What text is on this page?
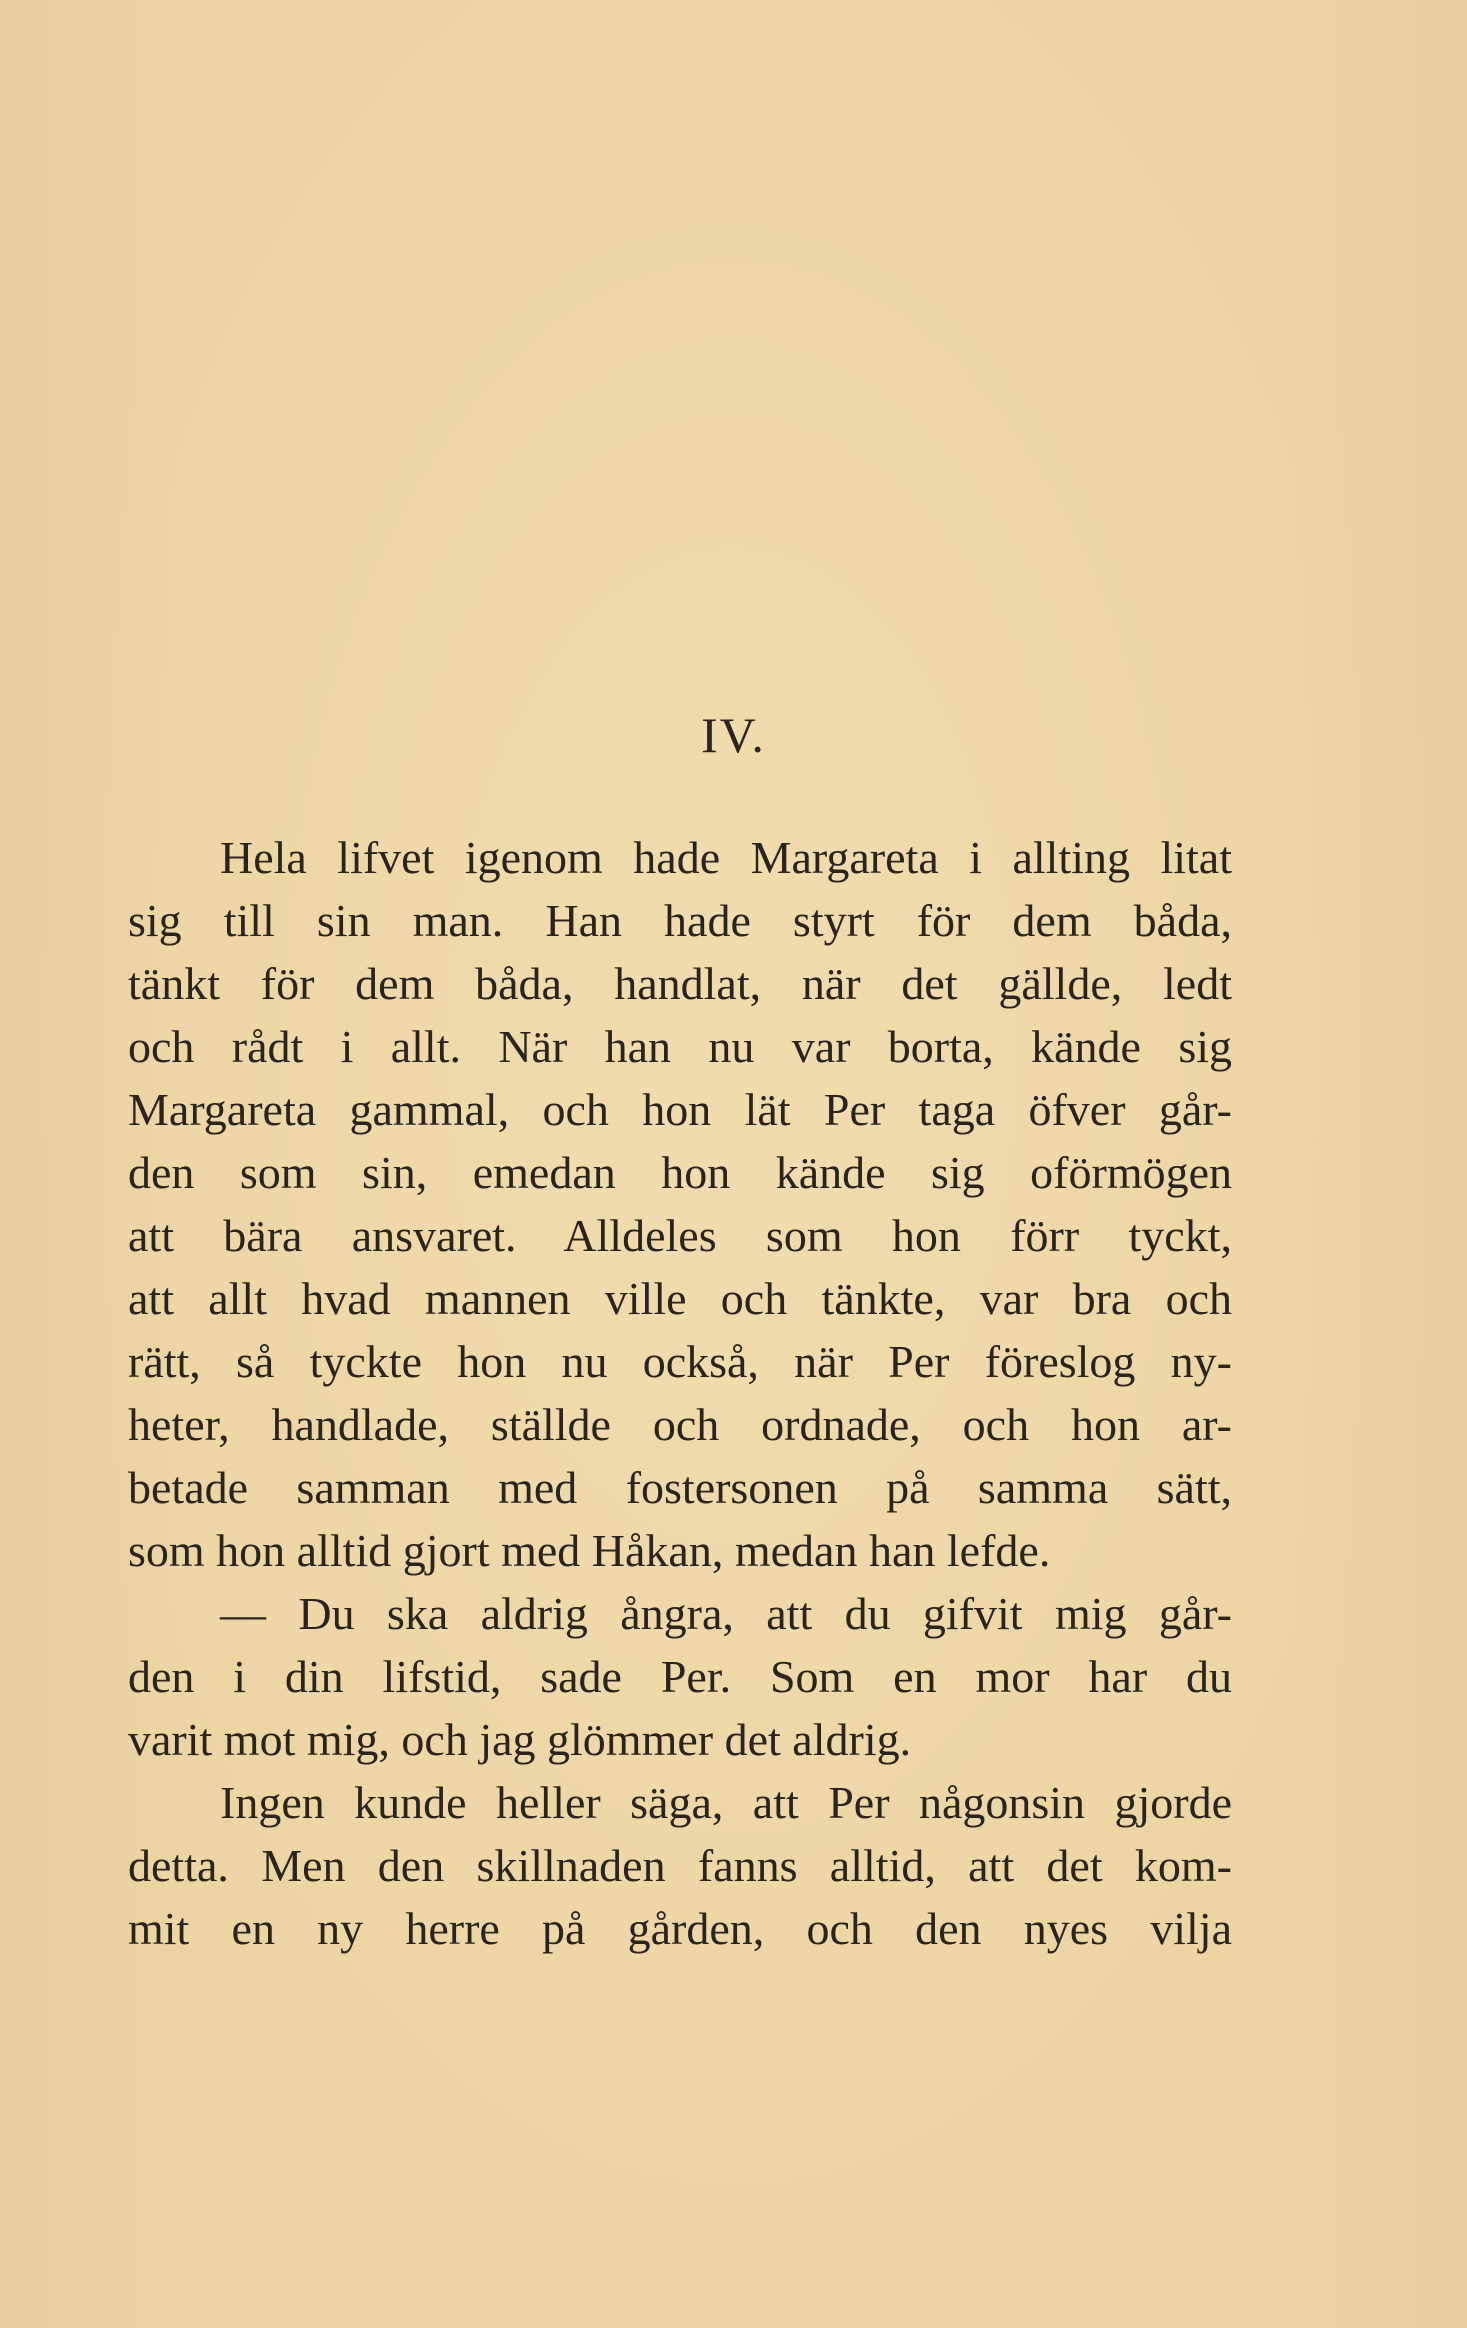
IV.
Hela lifvet igenom hade Margareta i allting litat
sig till sin man. Han hade styrt för dem båda,
tänkt för dem båda, handlat, när det gällde, ledt
och rådt i allt. När han nu var borta, kände sig
Margareta gammal, och hon lät Per taga öfver går-
den som sin, emedan hon kände sig oförmögen
att bära ansvaret. Alldeles som hon förr tyckt,
att allt hvad mannen ville och tänkte, var bra och
rätt, så tyckte hon nu också, när Per föreslog ny-
heter, handlade, ställde och ordnade, och hon ar-
betade samman med fostersonen på samma sätt,
som hon alltid gjort med Håkan, medan han lefde.
— Du ska aldrig ångra, att du gifvit mig går-
den i din lifstid, sade Per. Som en mor har du
varit mot mig, och jag glömmer det aldrig.
Ingen kunde heller säga, att Per någonsin gjorde
detta. Men den skillnaden fanns alltid, att det kom-
mit en ny herre på gården, och den nyes vilja
